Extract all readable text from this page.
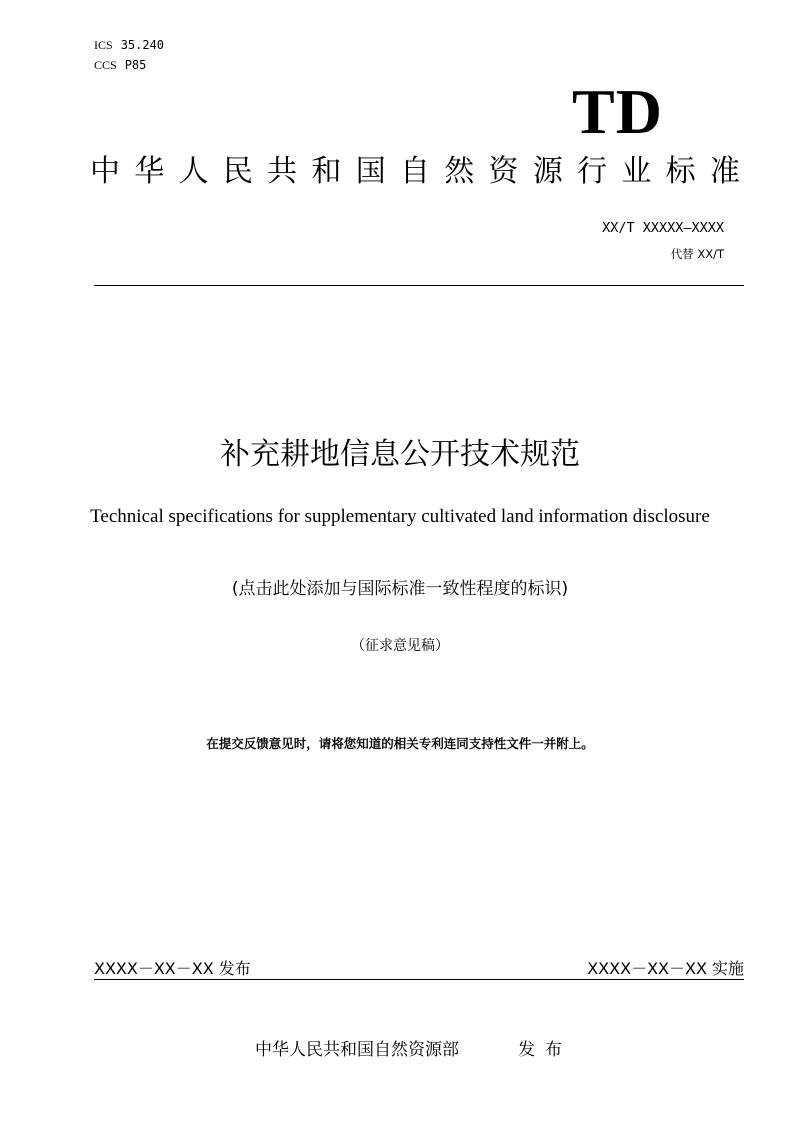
ICS 35.240
CCS P85
TD
中 华 人 民 共 和 国 自 然 资 源 行 业 标 准
XX/T XXXXX—XXXX
代替 XX/T
补充耕地信息公开技术规范
Technical specifications for supplementary cultivated land information disclosure
(点击此处添加与国际标准一致性程度的标识)
（征求意见稿）
在提交反馈意见时，请将您知道的相关专利连同支持性文件一并附上。
XXXX－XX－XX 发布	XXXX－XX－XX 实施
中华人民共和国自然资源部	发布
